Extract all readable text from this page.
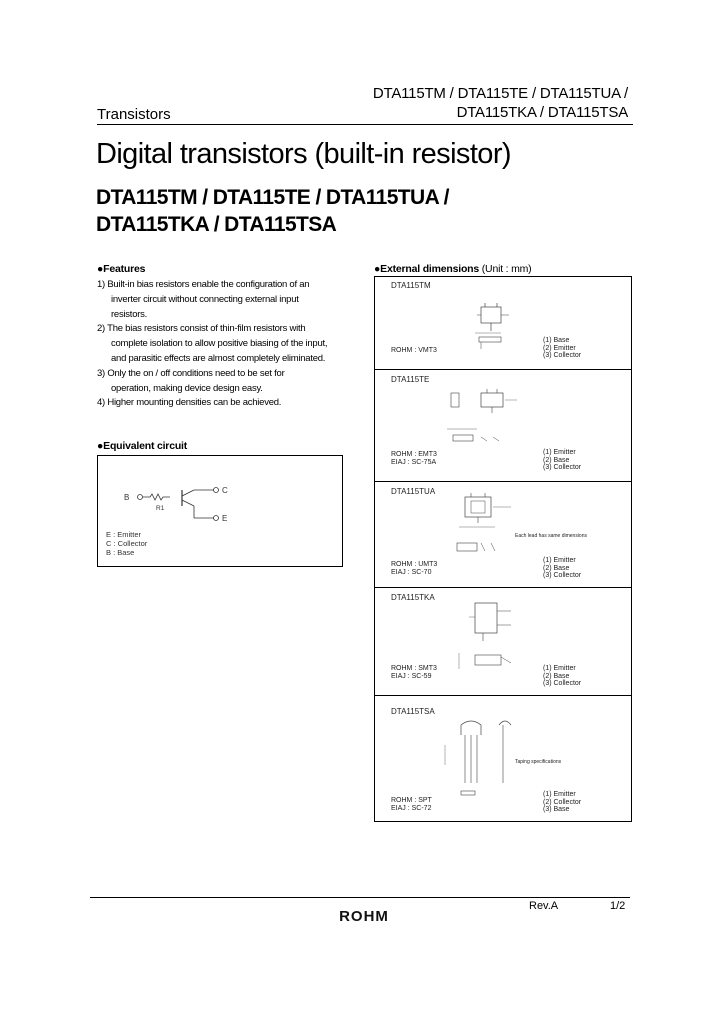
DTA115TM / DTA115TE / DTA115TUA /
DTA115TKA / DTA115TSA
Transistors
Digital transistors (built-in resistor)
DTA115TM / DTA115TE / DTA115TUA /
DTA115TKA / DTA115TSA
●Features
1) Built-in bias resistors enable the configuration of an
inverter circuit without connecting external input
resistors.
2) The bias resistors consist of thin-film resistors with
complete isolation to allow positive biasing of the input,
and parasitic effects are almost completely eliminated.
3) Only the on / off conditions need to be set for
operation, making device design easy.
4) Higher mounting densities can be achieved.
●Equivalent circuit
B
R1
C
E
E : Emitter
C : Collector
B : Base
●External dimensions (Unit : mm)
DTA115TM
ROHM : VMT3
(1) Base
(2) Emitter
(3) Collector
DTA115TE
ROHM : EMT3
EIAJ : SC-75A
(1) Emitter
(2) Base
(3) Collector
DTA115TUA
Each lead has same dimensions
ROHM : UMT3
EIAJ : SC-70
(1) Emitter
(2) Base
(3) Collector
DTA115TKA
ROHM : SMT3
EIAJ : SC-59
(1) Emitter
(2) Base
(3) Collector
DTA115TSA
Taping specifications
ROHM : SPT
EIAJ : SC-72
(1) Emitter
(2) Collector
(3) Base
Rev.A	1/2
ROHM
